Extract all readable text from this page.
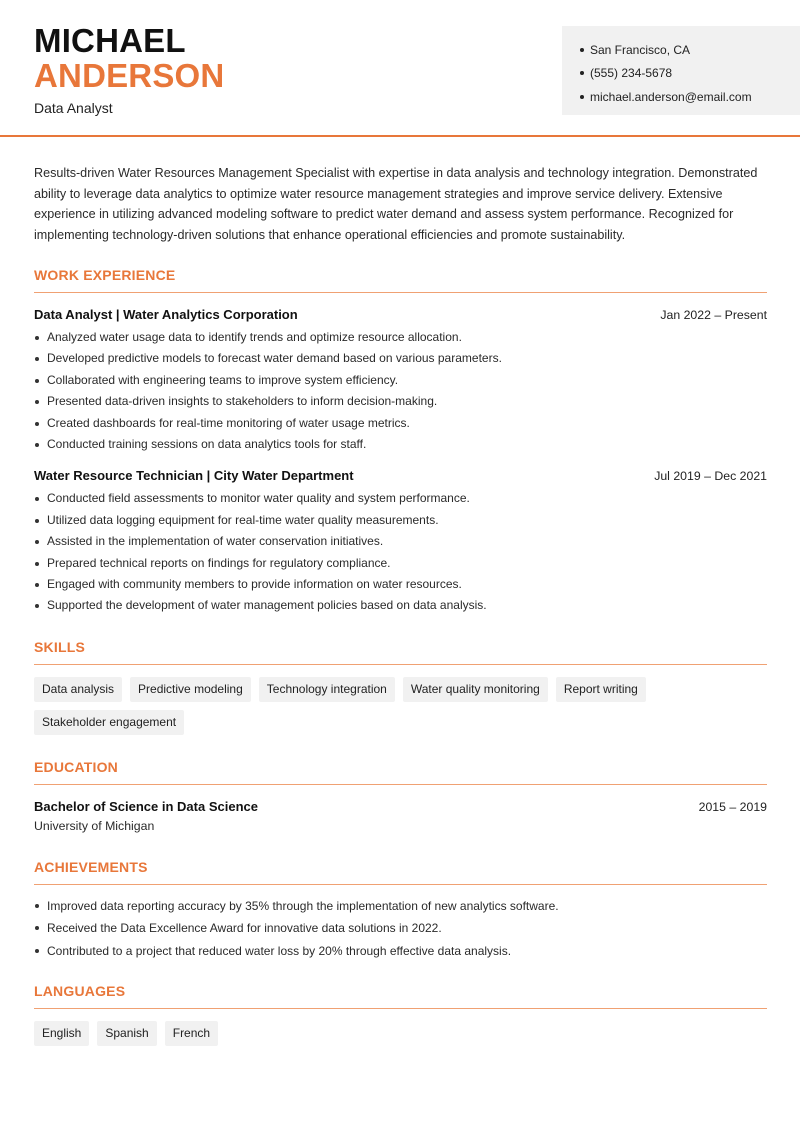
MICHAEL
ANDERSON
Data Analyst
San Francisco, CA
(555) 234-5678
michael.anderson@email.com

Results-driven Water Resources Management Specialist with expertise in data analysis and technology integration. Demonstrated ability to leverage data analytics to optimize water resource management strategies and improve service delivery. Extensive experience in utilizing advanced modeling software to predict water demand and assess system performance. Recognized for implementing technology-driven solutions that enhance operational efficiencies and promote sustainability.

WORK EXPERIENCE
Data Analyst | Water Analytics Corporation	Jan 2022 – Present
Analyzed water usage data to identify trends and optimize resource allocation.
Developed predictive models to forecast water demand based on various parameters.
Collaborated with engineering teams to improve system efficiency.
Presented data-driven insights to stakeholders to inform decision-making.
Created dashboards for real-time monitoring of water usage metrics.
Conducted training sessions on data analytics tools for staff.
Water Resource Technician | City Water Department	Jul 2019 – Dec 2021
Conducted field assessments to monitor water quality and system performance.
Utilized data logging equipment for real-time water quality measurements.
Assisted in the implementation of water conservation initiatives.
Prepared technical reports on findings for regulatory compliance.
Engaged with community members to provide information on water resources.
Supported the development of water management policies based on data analysis.
SKILLS
Data analysis	Predictive modeling	Technology integration	Water quality monitoring	Report writing
Stakeholder engagement
EDUCATION
Bachelor of Science in Data Science	2015 – 2019
University of Michigan
ACHIEVEMENTS
Improved data reporting accuracy by 35% through the implementation of new analytics software.
Received the Data Excellence Award for innovative data solutions in 2022.
Contributed to a project that reduced water loss by 20% through effective data analysis.
LANGUAGES
English	Spanish	French
